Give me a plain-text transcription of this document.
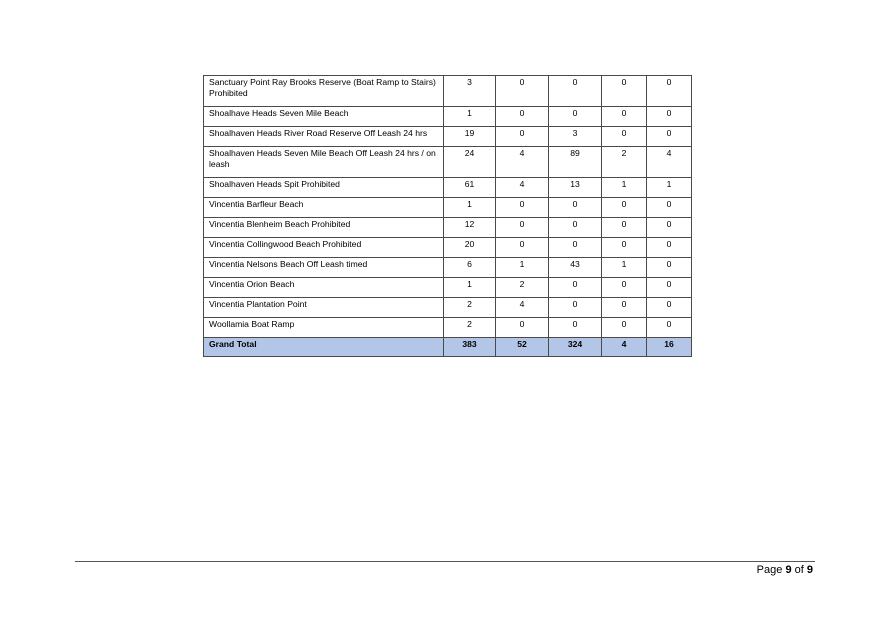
Sanctuary Point Ray Brooks Reserve (Boat Ramp to Stairs) Prohibited	3	0	0	0	0
Shoalhave Heads Seven Mile Beach	1	0	0	0	0
Shoalhaven Heads River Road Reserve Off Leash 24 hrs	19	0	3	0	0
Shoalhaven Heads Seven Mile Beach Off Leash 24 hrs / on leash	24	4	89	2	4
Shoalhaven Heads Spit Prohibited	61	4	13	1	1
Vincentia Barfleur Beach	1	0	0	0	0
Vincentia Blenheim Beach Prohibited	12	0	0	0	0
Vincentia Collingwood Beach Prohibited	20	0	0	0	0
Vincentia Nelsons Beach Off Leash timed	6	1	43	1	0
Vincentia Orion Beach	1	2	0	0	0
Vincentia Plantation Point	2	4	0	0	0
Woollamia Boat Ramp	2	0	0	0	0
Grand Total	383	52	324	4	16
Page 9 of 9
